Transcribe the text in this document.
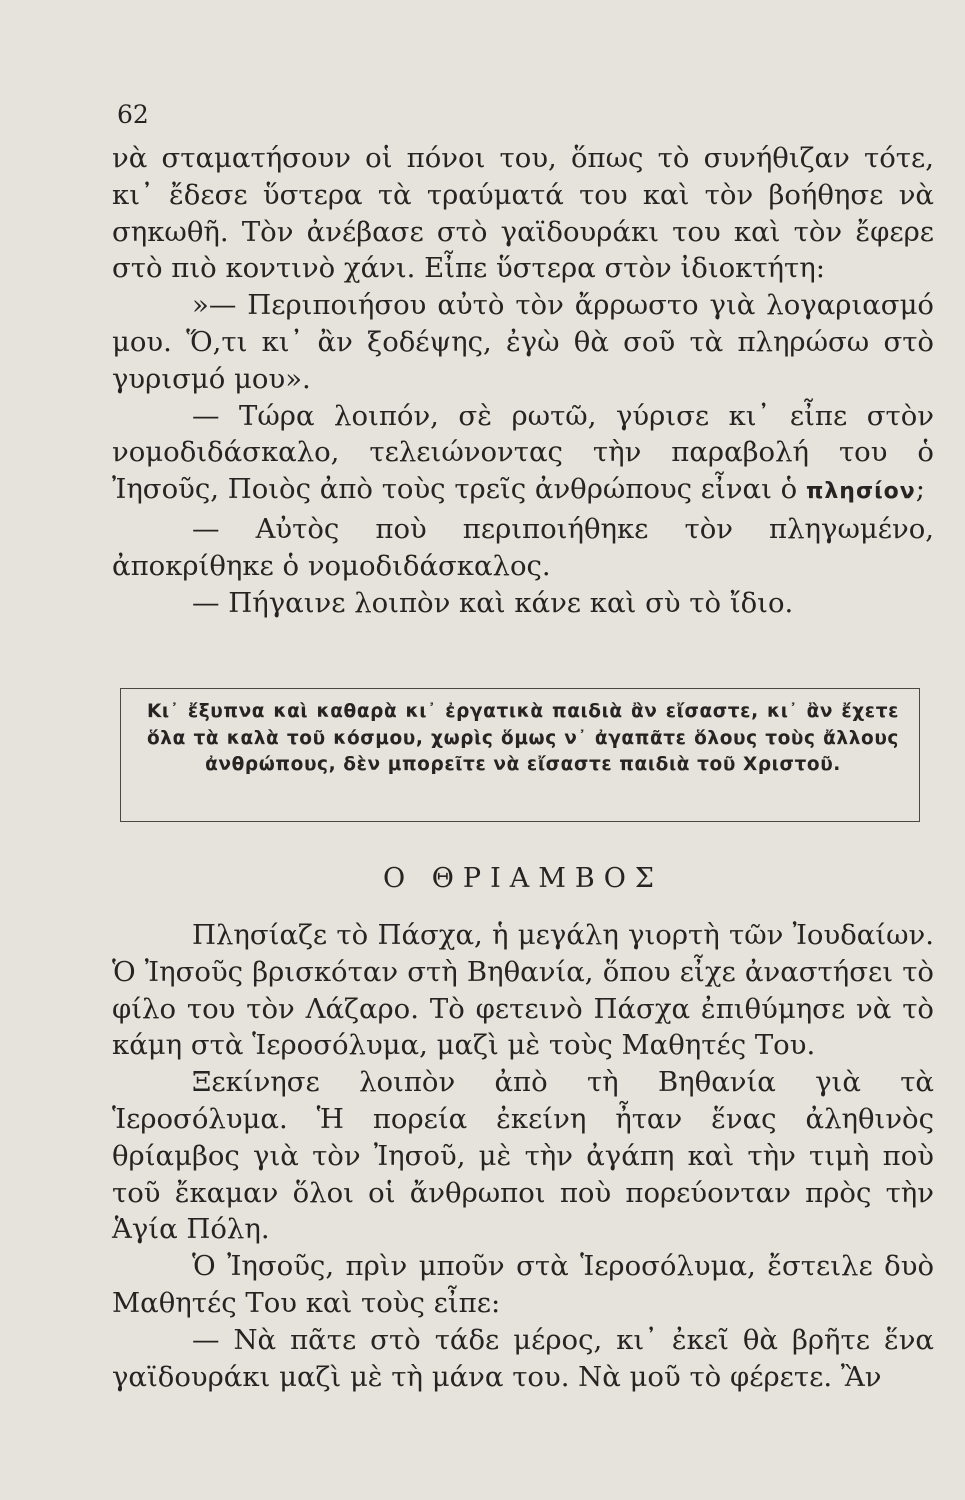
62

νὰ σταματήσουν οἱ πόνοι του, ὅπως τὸ συνήθιζαν τότε, κι᾿ ἔδεσε ὕστερα τὰ τραύματά του καὶ τὸν βοήθησε νὰ σηκωθῆ. Τὸν ἀνέβασε στὸ γαϊδουράκι του καὶ τὸν ἔφερε στὸ πιὸ κοντινὸ χάνι. Εἶπε ὕστερα στὸν ἰδιοκτήτη:

»— Περιποιήσου αὐτὸ τὸν ἄρρωστο γιὰ λογαριασμό μου. Ὅ,τι κι᾿ ἂν ξοδέψης, ἐγὼ θὰ σοῦ τὰ πληρώσω στὸ γυρισμό μου».

— Τώρα λοιπόν, σὲ ρωτῶ, γύρισε κι᾿ εἶπε στὸν νομοδιδάσκαλο, τελειώνοντας τὴν παραβολή του ὁ Ἰησοῦς, Ποιὸς ἀπὸ τοὺς τρεῖς ἀνθρώπους εἶναι ὁ πλησίον;

— Αὐτὸς ποὺ περιποιήθηκε τὸν πληγωμένο, ἀποκρίθηκε ὁ νομοδιδάσκαλος.

— Πήγαινε λοιπὸν καὶ κάνε καὶ σὺ τὸ ἴδιο.

Κι᾿ ἔξυπνα καὶ καθαρὰ κι᾿ ἐργατικὰ παιδιὰ ἂν εἴσαστε, κι᾿ ἂν ἔχετε ὅλα τὰ καλὰ τοῦ κόσμου, χωρὶς ὅμως ν᾿ ἀγαπᾶτε ὅλους τοὺς ἄλλους ἀνθρώπους, δὲν μπορεῖτε νὰ εἴσαστε παιδιὰ τοῦ Χριστοῦ.

Ο ΘΡΙΑΜΒΟΣ

Πλησίαζε τὸ Πάσχα, ἡ μεγάλη γιορτὴ τῶν Ἰουδαίων. Ὁ Ἰησοῦς βρισκόταν στὴ Βηθανία, ὅπου εἶχε ἀναστήσει τὸ φίλο του τὸν Λάζαρο. Τὸ φετεινὸ Πάσχα ἐπιθύμησε νὰ τὸ κάμη στὰ Ἱεροσόλυμα, μαζὶ μὲ τοὺς Μαθητές Του.

Ξεκίνησε λοιπὸν ἀπὸ τὴ Βηθανία γιὰ τὰ Ἱεροσόλυμα. Ἡ πορεία ἐκείνη ἦταν ἕνας ἀληθινὸς θρίαμβος γιὰ τὸν Ἰησοῦ, μὲ τὴν ἀγάπη καὶ τὴν τιμὴ ποὺ τοῦ ἔκαμαν ὅλοι οἱ ἄνθρωποι ποὺ πορεύονταν πρὸς τὴν Ἁγία Πόλη.

Ὁ Ἰησοῦς, πρὶν μποῦν στὰ Ἱεροσόλυμα, ἔστειλε δυὸ Μαθητές Του καὶ τοὺς εἶπε:

— Νὰ πᾶτε στὸ τάδε μέρος, κι᾿ ἐκεῖ θὰ βρῆτε ἕνα γαϊδουράκι μαζὶ μὲ τὴ μάνα του. Νὰ μοῦ τὸ φέρετε. Ἂν
